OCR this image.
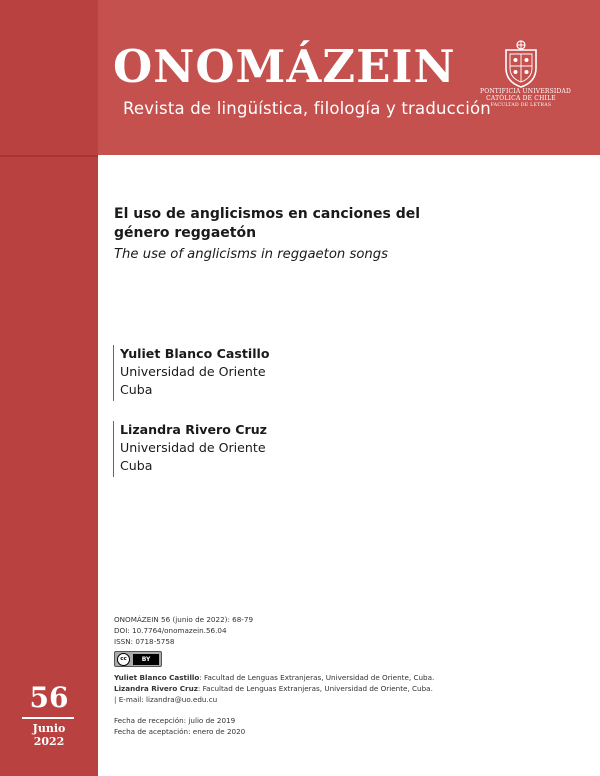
ONOMÁZEIN
Revista de lingüística, filología y traducción
PONTIFICIA UNIVERSIDAD
CATÓLICA DE CHILE
FACULTAD DE LETRAS
El uso de anglicismos en canciones del género reggaetón
The use of anglicisms in reggaeton songs
Yuliet Blanco Castillo
Universidad de Oriente
Cuba
Lizandra Rivero Cruz
Universidad de Oriente
Cuba
ONOMÁZEIN 56 (junio de 2022): 68-79
DOI: 10.7764/onomazein.56.04
ISSN: 0718-5758
cc	BY
Yuliet Blanco Castillo: Facultad de Lenguas Extranjeras, Universidad de Oriente, Cuba.
Lizandra Rivero Cruz: Facultad de Lenguas Extranjeras, Universidad de Oriente, Cuba.
| E-mail: lizandra@uo.edu.cu
Fecha de recepción: julio de 2019
Fecha de aceptación: enero de 2020
56
Junio
2022
